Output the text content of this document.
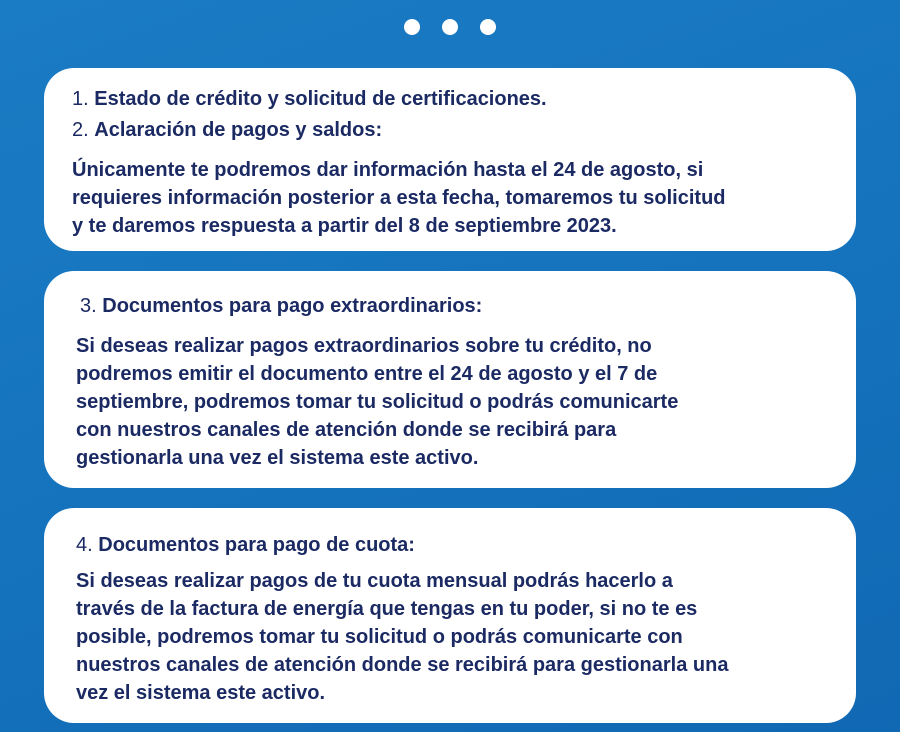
1. Estado de crédito y solicitud de certificaciones.
2. Aclaración de pagos y saldos:
Únicamente te podremos dar información hasta el 24 de agosto, si
requieres información posterior a esta fecha, tomaremos tu solicitud
y te daremos respuesta a partir del 8 de septiembre 2023.
3. Documentos para pago extraordinarios:
Si deseas realizar pagos extraordinarios sobre tu crédito, no
podremos emitir el documento entre el 24 de agosto y el 7 de
septiembre, podremos tomar tu solicitud o podrás comunicarte
con nuestros canales de atención donde se recibirá para
gestionarla una vez el sistema este activo.
4. Documentos para pago de cuota:
Si deseas realizar pagos de tu cuota mensual podrás hacerlo a
través de la factura de energía que tengas en tu poder, si no te es
posible, podremos tomar tu solicitud o podrás comunicarte con
nuestros canales de atención donde se recibirá para gestionarla una
vez el sistema este activo.
